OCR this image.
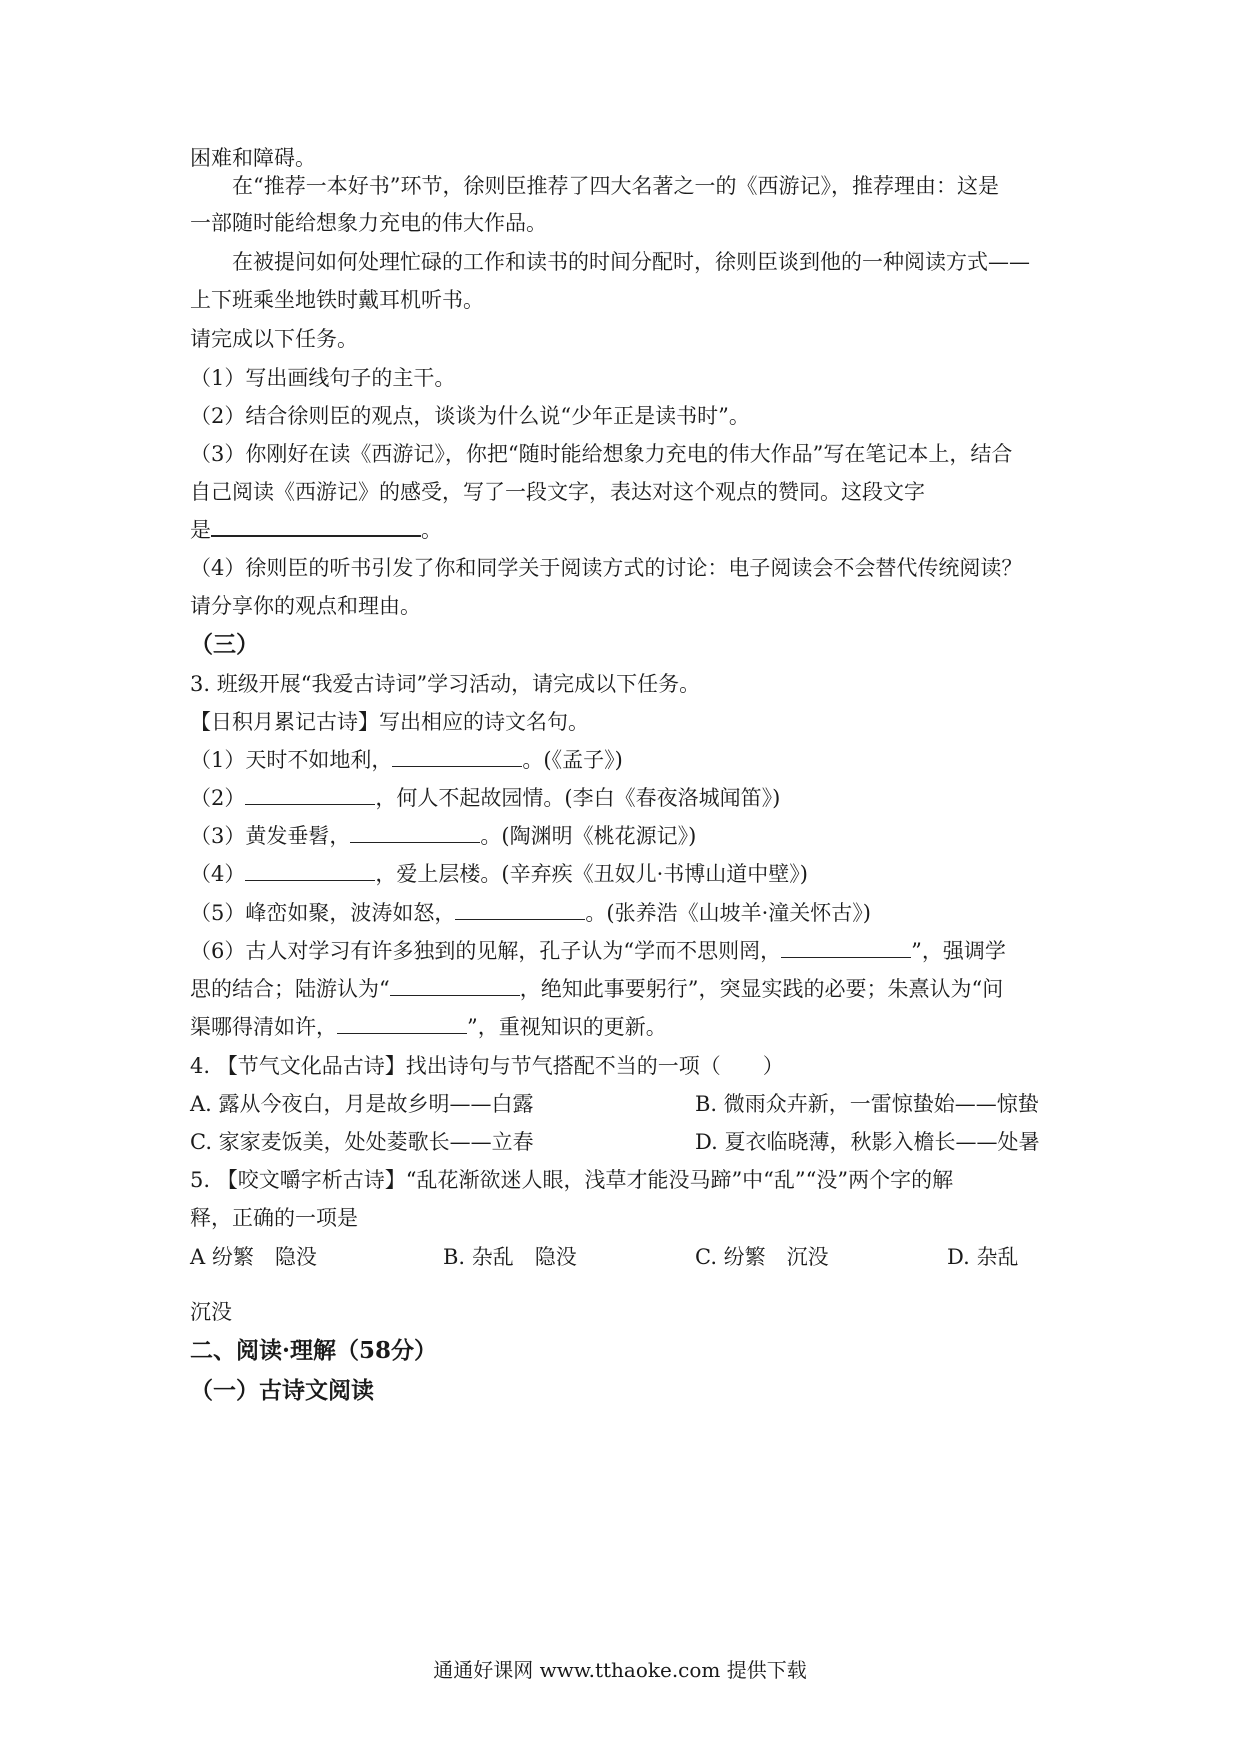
困难和障碍。
在“推荐一本好书”环节，徐则臣推荐了四大名著之一的《西游记》，推荐理由：这是
一部随时能给想象力充电的伟大作品。
在被提问如何处理忙碌的工作和读书的时间分配时，徐则臣谈到他的一种阅读方式——
上下班乘坐地铁时戴耳机听书。
请完成以下任务。
（1）写出画线句子的主干。
（2）结合徐则臣的观点，谈谈为什么说“少年正是读书时”。
（3）你刚好在读《西游记》，你把“随时能给想象力充电的伟大作品”写在笔记本上，结合
自己阅读《西游记》的感受，写了一段文字，表达对这个观点的赞同。这段文字
是	。
（4）徐则臣的听书引发了你和同学关于阅读方式的讨论：电子阅读会不会替代传统阅读？
请分享你的观点和理由。
（三）
3. 班级开展“我爱古诗词”学习活动，请完成以下任务。
【日积月累记古诗】写出相应的诗文名句。
（1）天时不如地利，	。(《孟子》)
（2）	，何人不起故园情。(李白《春夜洛城闻笛》)
（3）黄发垂髫，	。(陶渊明《桃花源记》)
（4）	，爱上层楼。(辛弃疾《丑奴儿·书博山道中壁》)
（5）峰峦如聚，波涛如怒，	。(张养浩《山坡羊·潼关怀古》)
（6）古人对学习有许多独到的见解，孔子认为“学而不思则罔，	”，强调学
思的结合；陆游认为“	，绝知此事要躬行”，突显实践的必要；朱熹认为“问
渠哪得清如许，	”，重视知识的更新。
4. 【节气文化品古诗】找出诗句与节气搭配不当的一项（　　）
A. 露从今夜白，月是故乡明——白露	B. 微雨众卉新，一雷惊蛰始——惊蛰
C. 家家麦饭美，处处菱歌长——立春	D. 夏衣临晓薄，秋影入檐长——处暑
5. 【咬文嚼字析古诗】“乱花渐欲迷人眼，浅草才能没马蹄”中“乱”“没”两个字的解
释，正确的一项是
A 纷繁　隐没	B. 杂乱　隐没	C. 纷繁　沉没	D. 杂乱
沉没
二、阅读·理解（58分）
（一）古诗文阅读
通通好课网 www.tthaoke.com 提供下载
